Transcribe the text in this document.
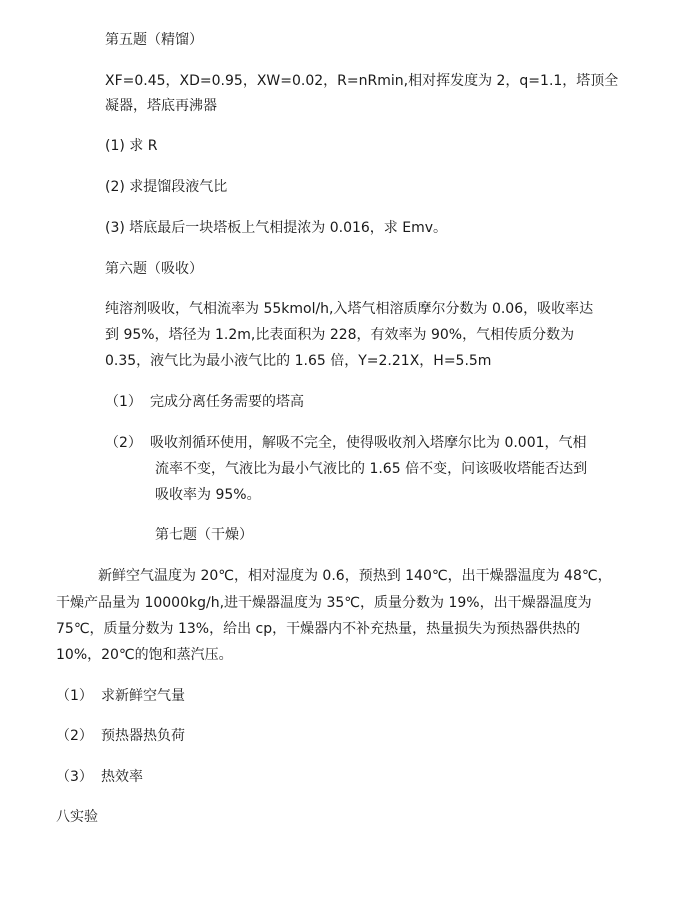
第五题（精馏）

XF=0.45，XD=0.95，XW=0.02，R=nRmin,相对挥发度为 2，q=1.1，塔顶全

凝器，塔底再沸器

(1) 求 R

(2) 求提馏段液气比

(3) 塔底最后一块塔板上气相提浓为 0.016，求 Emv。

第六题（吸收）

纯溶剂吸收，气相流率为 55kmol/h,入塔气相溶质摩尔分数为 0.06，吸收率达

到 95%，塔径为 1.2m,比表面积为 228，有效率为 90%，气相传质分数为

0.35，液气比为最小液气比的 1.65 倍，Y=2.21X，H=5.5m

（1） 完成分离任务需要的塔高

（2） 吸收剂循环使用，解吸不完全，使得吸收剂入塔摩尔比为 0.001，气相

流率不变，气液比为最小气液比的 1.65 倍不变，问该吸收塔能否达到

吸收率为 95%。

第七题（干燥）

新鲜空气温度为 20℃，相对湿度为 0.6，预热到 140℃，出干燥器温度为 48℃，

干燥产品量为 10000kg/h,进干燥器温度为 35℃，质量分数为 19%，出干燥器温度为

75℃，质量分数为 13%，给出 cp，干燥器内不补充热量，热量损失为预热器供热的

10%，20℃的饱和蒸汽压。

（1） 求新鲜空气量

（2） 预热器热负荷

（3） 热效率

八实验
